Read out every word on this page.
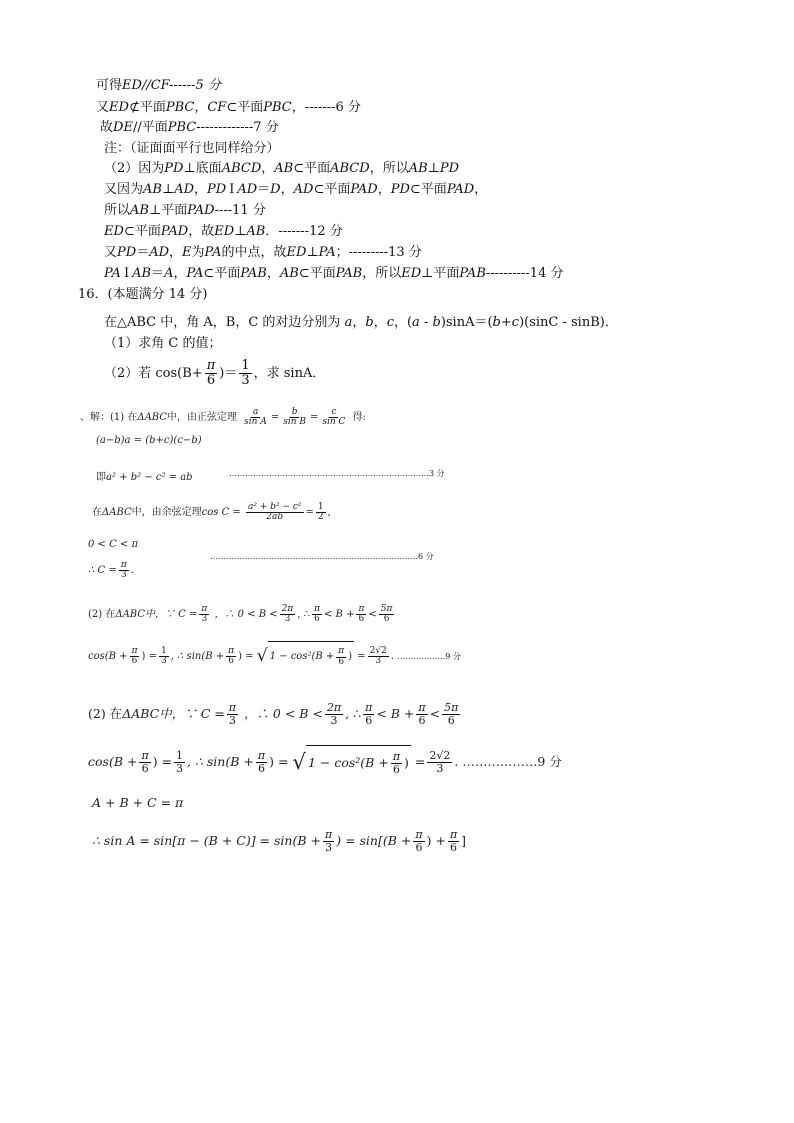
可得ED//CF------5 分
又ED⊄平面PBC，CF⊂平面PBC，-------6 分
故DE//平面PBC-------------7 分
注：（证面面平行也同样给分）
（2）因为PD⊥底面ABCD，AB⊂平面ABCD，所以AB⊥PD
又因为AB⊥AD，PD I AD＝D，AD⊂平面PAD，PD⊂平面PAD，
所以AB⊥平面PAD----11 分
ED⊂平面PAD，故ED⊥AB．-------12 分
又PD＝AD，E为PA的中点，故ED⊥PA；---------13 分
PA I AB＝A，PA⊂平面PAB，AB⊂平面PAB，所以ED⊥平面PAB----------14 分
16．(本题满分 14 分)
在△ABC 中，角 A，B，C 的对边分别为 a，b，c，(a - b)sinA＝(b+c)(sinC - sinB)．
（1）求角 C 的值；
（2）若 $\cos(B+ \frac{\pi}{6}$ )＝ $\frac{1}{3}$ ，求 sinA．
、解：(1) 在ΔABC中，由正弦定理 $\frac{a}{\text{sin A}} = \frac{b}{\text{sin B}} = \frac{c}{\text{sin C}}$ 得:
(a−b)a = (b+c)(c−b)
即a² + b² − c² = ab	…………………………………………………………………3 分
在ΔABC中，由余弦定理$\cos C = \frac{\text{a² + b² − c²}}{2ab} = \frac{1}{2}$ ,
0 < C < π
……………………………………………………………………6 分
∴ $C = \frac{\pi}{3}$ .
(2) 在ΔABC中，∵ $C = \frac{\pi}{3}$ ，∴ $0 < B < \frac{2\pi}{3}$ , ∴ $\frac{\pi}{6} < B + \frac{\pi}{6} < \frac{5\pi}{6}$
$\cos(B + \frac{\pi}{6}$ ) = $\frac{1}{3}$ , ∴ $\sin(B + \frac{\pi}{6}$ ) = √ $1 - \cos^2(B + \frac{\pi}{6}$ ) = $\frac{2√2}{3}$ . ………………9 分
(2) 在ΔABC中，∵ $C = \frac{\pi}{3}$ ，∴ $0 < B < \frac{2\pi}{3}$ , ∴ $\frac{\pi}{6} < B + \frac{\pi}{6} < \frac{5\pi}{6}$
$\cos(B + \frac{\pi}{6}$ ) = $\frac{1}{3}$ , ∴ $\sin(B + \frac{\pi}{6}$ ) = √ $1 - \cos^2(B + \frac{\pi}{6}$ ) = $\frac{2√2}{3}$ . ………………9 分
A + B + C = π
∴ $\sin A = \sin[\pi - (B + C)] = \sin(B + \frac{\pi}{3}$ ) = $\sin[(B + \frac{\pi}{6}$ ) + $\frac{\pi}{6}$ ]
